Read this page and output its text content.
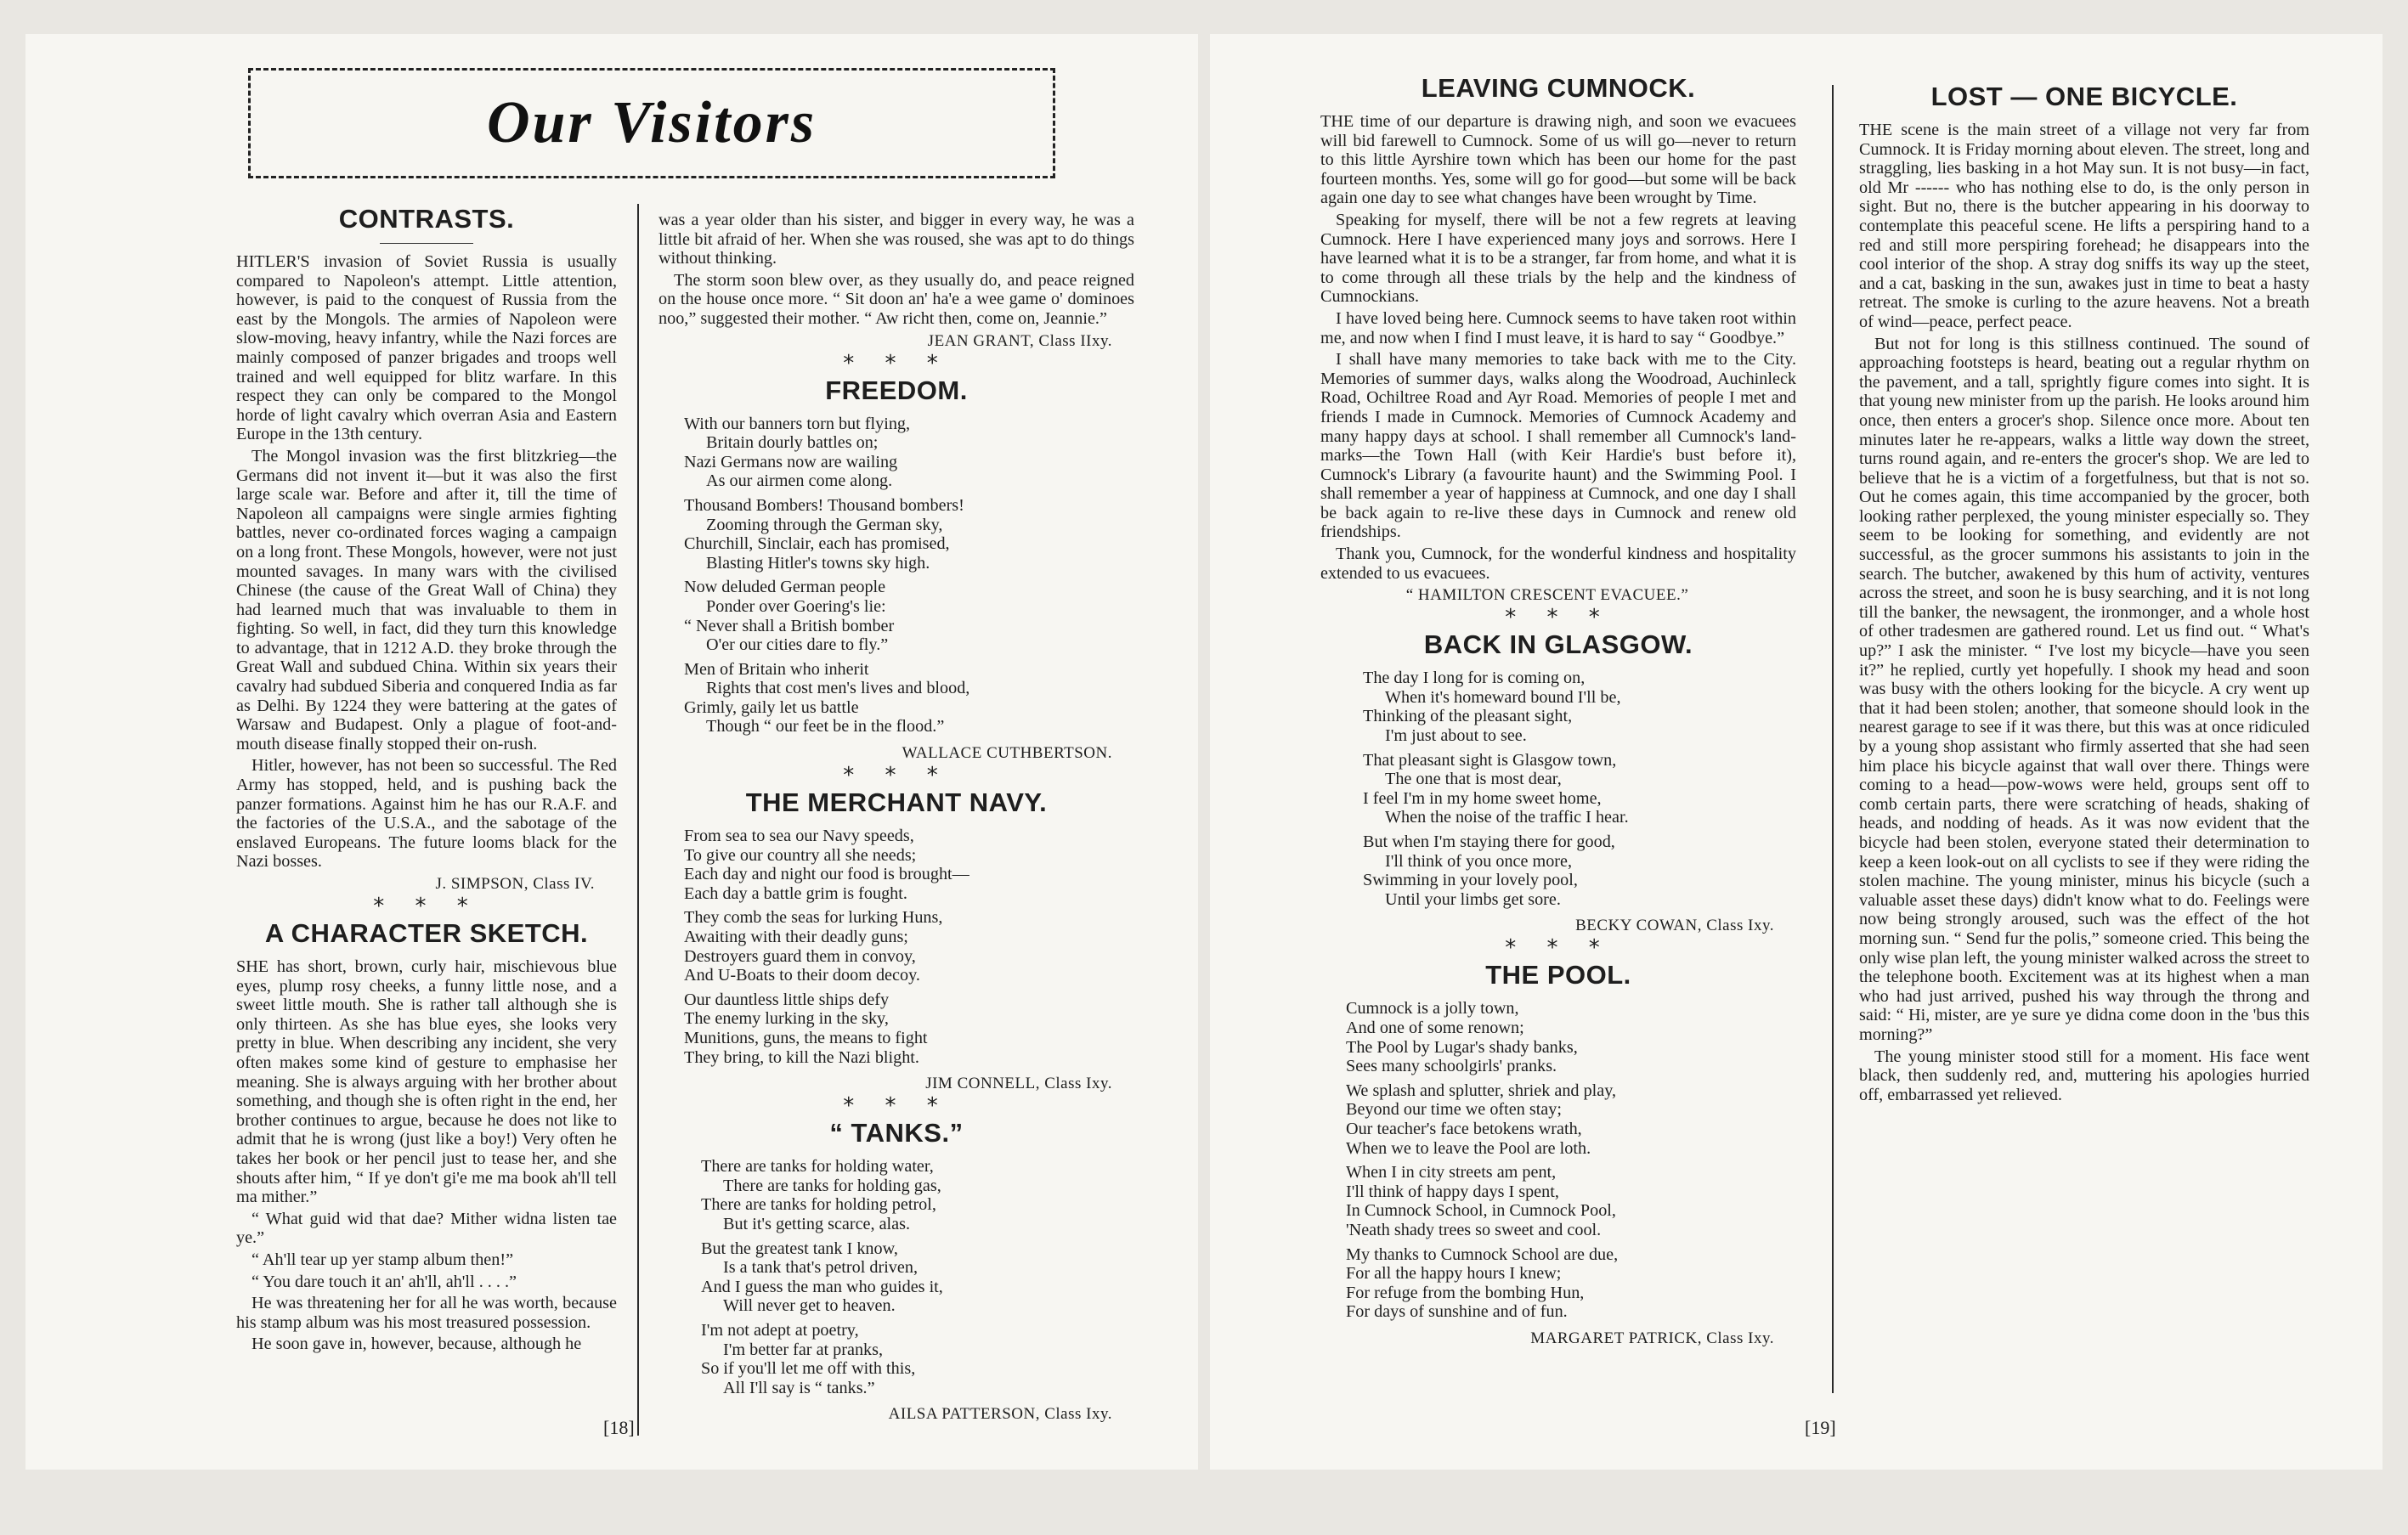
Our Visitors
CONTRASTS.

HITLER'S invasion of Soviet Russia is usually compared to Napoleon's attempt. Little attention, however, is paid to the conquest of Russia from the east by the Mongols. The armies of Napoleon were slow-moving, heavy infantry, while the Nazi forces are mainly composed of panzer brigades and troops well trained and well equipped for blitz warfare. In this respect they can only be compared to the Mongol horde of light cavalry which overran Asia and Eastern Europe in the 13th century.

The Mongol invasion was the first blitzkrieg—the Germans did not invent it—but it was also the first large scale war. Before and after it, till the time of Napoleon all campaigns were single armies fighting battles, never co-ordinated forces waging a campaign on a long front. These Mongols, however, were not just mounted savages. In many wars with the civilised Chinese (the cause of the Great Wall of China) they had learned much that was invaluable to them in fighting. So well, in fact, did they turn this knowledge to advantage, that in 1212 A.D. they broke through the Great Wall and subdued China. Within six years their cavalry had subdued Siberia and conquered India as far as Delhi. By 1224 they were battering at the gates of Warsaw and Budapest. Only a plague of foot-and-mouth disease finally stopped their on-rush.

Hitler, however, has not been so successful. The Red Army has stopped, held, and is pushing back the panzer formations. Against him he has our R.A.F. and the factories of the U.S.A., and the sabotage of the enslaved Europeans. The future looms black for the Nazi bosses.

J. SIMPSON, Class IV.
* * *
A CHARACTER SKETCH.

SHE has short, brown, curly hair, mischievous blue eyes, plump rosy cheeks, a funny little nose, and a sweet little mouth. She is rather tall although she is only thirteen. As she has blue eyes, she looks very pretty in blue. When describing any incident, she very often makes some kind of gesture to emphasise her meaning. She is always arguing with her brother about something, and though she is often right in the end, her brother continues to argue, because he does not like to admit that he is wrong (just like a boy!) Very often he takes her book or her pencil just to tease her, and she shouts after him, “ If ye don't gi'e me ma book ah'll tell ma mither.”

“ What guid wid that dae? Mither widna listen tae ye.”

“ Ah'll tear up yer stamp album then!”

“ You dare touch it an' ah'll, ah'll . . . .”

He was threatening her for all he was worth, because his stamp album was his most treasured possession.

He soon gave in, however, because, although he

was a year older than his sister, and bigger in every way, he was a little bit afraid of her. When she was roused, she was apt to do things without thinking.

The storm soon blew over, as they usually do, and peace reigned on the house once more. “ Sit doon an' ha'e a wee game o' dominoes noo,” suggested their mother. “ Aw richt then, come on, Jeannie.”

JEAN GRANT, Class IIxy.
* * *
FREEDOM.
With our banners torn but flying,
Britain dourly battles on;
Nazi Germans now are wailing
As our airmen come along.
Thousand Bombers! Thousand bombers!
Zooming through the German sky,
Churchill, Sinclair, each has promised,
Blasting Hitler's towns sky high.
Now deluded German people
Ponder over Goering's lie:
“ Never shall a British bomber
O'er our cities dare to fly.”
Men of Britain who inherit
Rights that cost men's lives and blood,
Grimly, gaily let us battle
Though “ our feet be in the flood.”
WALLACE CUTHBERTSON.
* * *
THE MERCHANT NAVY.
From sea to sea our Navy speeds,
To give our country all she needs;
Each day and night our food is brought—
Each day a battle grim is fought.
They comb the seas for lurking Huns,
Awaiting with their deadly guns;
Destroyers guard them in convoy,
And U-Boats to their doom decoy.
Our dauntless little ships defy
The enemy lurking in the sky,
Munitions, guns, the means to fight
They bring, to kill the Nazi blight.
JIM CONNELL, Class Ixy.
* * *
“ TANKS.”
There are tanks for holding water,
There are tanks for holding gas,
There are tanks for holding petrol,
But it's getting scarce, alas.
But the greatest tank I know,
Is a tank that's petrol driven,
And I guess the man who guides it,
Will never get to heaven.
I'm not adept at poetry,
I'm better far at pranks,
So if you'll let me off with this,
All I'll say is “ tanks.”
AILSA PATTERSON, Class Ixy.
[18]
LEAVING CUMNOCK.

THE time of our departure is drawing nigh, and soon we evacuees will bid farewell to Cumnock. Some of us will go—never to return to this little Ayrshire town which has been our home for the past fourteen months. Yes, some will go for good—but some will be back again one day to see what changes have been wrought by Time.

Speaking for myself, there will be not a few regrets at leaving Cumnock. Here I have experienced many joys and sorrows. Here I have learned what it is to be a stranger, far from home, and what it is to come through all these trials by the help and the kindness of Cumnockians.

I have loved being here. Cumnock seems to have taken root within me, and now when I find I must leave, it is hard to say “ Goodbye.”

I shall have many memories to take back with me to the City. Memories of summer days, walks along the Woodroad, Auchinleck Road, Ochiltree Road and Ayr Road. Memories of people I met and friends I made in Cumnock. Memories of Cumnock Academy and many happy days at school. I shall remember all Cumnock's land-marks—the Town Hall (with Keir Hardie's bust before it), Cumnock's Library (a favourite haunt) and the Swimming Pool. I shall remember a year of happiness at Cumnock, and one day I shall be back again to re-live these days in Cumnock and renew old friendships.

Thank you, Cumnock, for the wonderful kindness and hospitality extended to us evacuees.

“ HAMILTON CRESCENT EVACUEE.”
* * *
BACK IN GLASGOW.
The day I long for is coming on,
When it's homeward bound I'll be,
Thinking of the pleasant sight,
I'm just about to see.
That pleasant sight is Glasgow town,
The one that is most dear,
I feel I'm in my home sweet home,
When the noise of the traffic I hear.
But when I'm staying there for good,
I'll think of you once more,
Swimming in your lovely pool,
Until your limbs get sore.
BECKY COWAN, Class Ixy.
* * *
THE POOL.
Cumnock is a jolly town,
And one of some renown;
The Pool by Lugar's shady banks,
Sees many schoolgirls' pranks.
We splash and splutter, shriek and play,
Beyond our time we often stay;
Our teacher's face betokens wrath,
When we to leave the Pool are loth.
When I in city streets am pent,
I'll think of happy days I spent,
In Cumnock School, in Cumnock Pool,
'Neath shady trees so sweet and cool.
My thanks to Cumnock School are due,
For all the happy hours I knew;
For refuge from the bombing Hun,
For days of sunshine and of fun.
MARGARET PATRICK, Class Ixy.
LOST — ONE BICYCLE.

THE scene is the main street of a village not very far from Cumnock. It is Friday morning about eleven. The street, long and straggling, lies basking in a hot May sun. It is not busy—in fact, old Mr ------ who has nothing else to do, is the only person in sight. But no, there is the butcher appearing in his doorway to contemplate this peaceful scene. He lifts a perspiring hand to a red and still more perspiring forehead; he disappears into the cool interior of the shop. A stray dog sniffs its way up the steet, and a cat, basking in the sun, awakes just in time to beat a hasty retreat. The smoke is curling to the azure heavens. Not a breath of wind—peace, perfect peace.

But not for long is this stillness continued. The sound of approaching footsteps is heard, beating out a regular rhythm on the pavement, and a tall, sprightly figure comes into sight. It is that young new minister from up the parish. He looks around him once, then enters a grocer's shop. Silence once more. About ten minutes later he re-appears, walks a little way down the street, turns round again, and re-enters the grocer's shop. We are led to believe that he is a victim of a forgetfulness, but that is not so. Out he comes again, this time accompanied by the grocer, both looking rather perplexed, the young minister especially so. They seem to be looking for something, and evidently are not successful, as the grocer summons his assistants to join in the search. The butcher, awakened by this hum of activity, ventures across the street, and soon he is busy searching, and it is not long till the banker, the newsagent, the ironmonger, and a whole host of other tradesmen are gathered round. Let us find out. “ What's up?” I ask the minister. “ I've lost my bicycle—have you seen it?” he replied, curtly yet hopefully. I shook my head and soon was busy with the others looking for the bicycle. A cry went up that it had been stolen; another, that someone should look in the nearest garage to see if it was there, but this was at once ridiculed by a young shop assistant who firmly asserted that she had seen him place his bicycle against that wall over there. Things were coming to a head—pow-wows were held, groups sent off to comb certain parts, there were scratching of heads, shaking of heads, and nodding of heads. As it was now evident that the bicycle had been stolen, everyone stated their determination to keep a keen look-out on all cyclists to see if they were riding the stolen machine. The young minister, minus his bicycle (such a valuable asset these days) didn't know what to do. Feelings were now being strongly aroused, such was the effect of the hot morning sun. “ Send fur the polis,” someone cried. This being the only wise plan left, the young minister walked across the street to the telephone booth. Excitement was at its highest when a man who had just arrived, pushed his way through the throng and said: “ Hi, mister, are ye sure ye didna come doon in the 'bus this morning?”

The young minister stood still for a moment. His face went black, then suddenly red, and, muttering his apologies hurried off, embarrassed yet relieved.

[19]
